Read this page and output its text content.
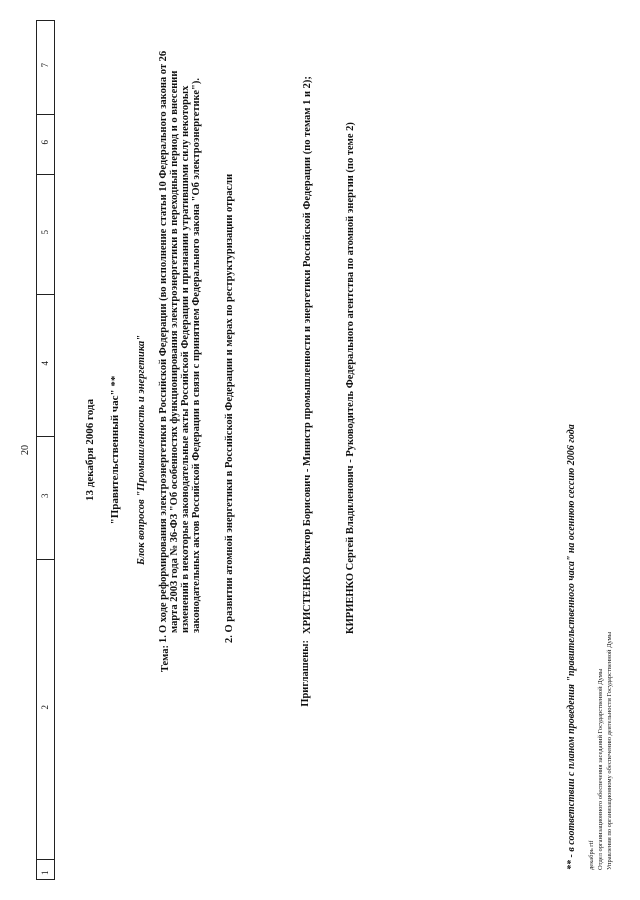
20
1
2
3
4
5
6
7
13 декабря 2006 года "Правительственный час" ** Блок вопросов "Промышленность и энергетика"
Тема:
1.
О ходе реформирования электроэнергетики в Российской Федерации (во исполнение статьи 10 Федерального закона от 26 марта 2003 года № 36-ФЗ "Об особенностях функционирования электроэнергетики в переходный период и о внесении изменений в некоторые законодательные акты Российской Федерации и признании утратившими силу некоторых законодательных актов Российской Федерации в связи с принятием Федерального закона "Об электроэнергетике").
2. О развитии атомной энергетики в Российской Федерации и мерах по реструктуризации отрасли
Приглашены:
ХРИСТЕНКО Виктор Борисович - Министр промышленности и энергетики Российской Федерации (по темам 1 и 2);
КИРИЕНКО Сергей Владиленович - Руководитель Федерального агентства по атомной энергии (по теме 2)
** - в соответствии с планом проведения "правительственного часа" на осеннюю сессию 2006 года декабрь rtf Отдел организационного обеспечения заседаний Государственной Думы Управления по организационному обеспечению деятельности Государственной Думы
